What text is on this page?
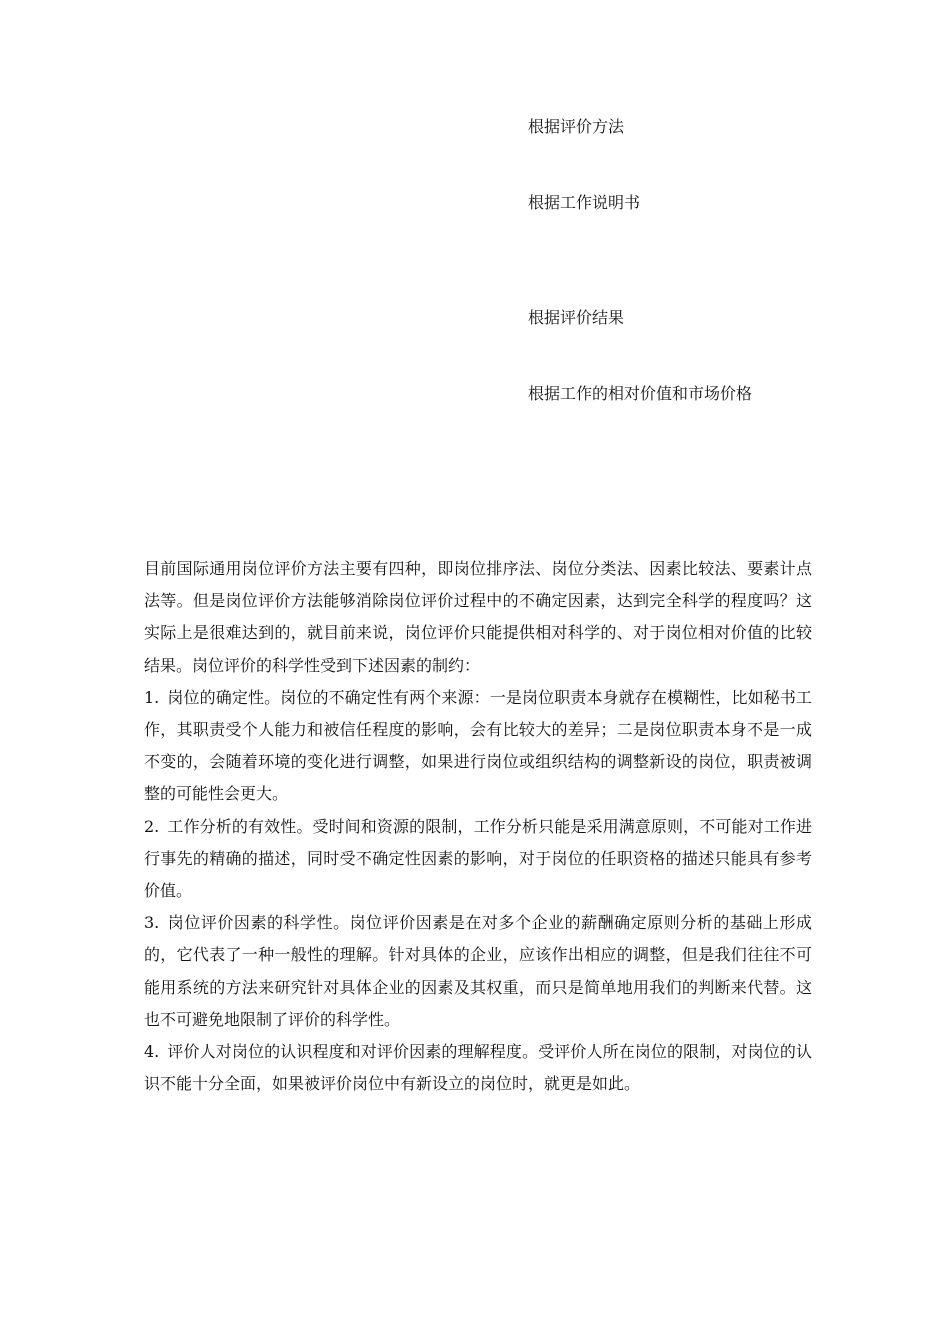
根据评价方法
根据工作说明书
根据评价结果
根据工作的相对价值和市场价格

目前国际通用岗位评价方法主要有四种，即岗位排序法、岗位分类法、因素比较法、要素计点法等。但是岗位评价方法能够消除岗位评价过程中的不确定因素，达到完全科学的程度吗？这实际上是很难达到的，就目前来说，岗位评价只能提供相对科学的、对于岗位相对价值的比较结果。岗位评价的科学性受到下述因素的制约：

1. 岗位的确定性。岗位的不确定性有两个来源：一是岗位职责本身就存在模糊性，比如秘书工作，其职责受个人能力和被信任程度的影响，会有比较大的差异；二是岗位职责本身不是一成不变的，会随着环境的变化进行调整，如果进行岗位或组织结构的调整新设的岗位，职责被调整的可能性会更大。

2. 工作分析的有效性。受时间和资源的限制，工作分析只能是采用满意原则，不可能对工作进行事先的精确的描述，同时受不确定性因素的影响，对于岗位的任职资格的描述只能具有参考价值。

3. 岗位评价因素的科学性。岗位评价因素是在对多个企业的薪酬确定原则分析的基础上形成的，它代表了一种一般性的理解。针对具体的企业，应该作出相应的调整，但是我们往往不可能用系统的方法来研究针对具体企业的因素及其权重，而只是简单地用我们的判断来代替。这也不可避免地限制了评价的科学性。

4. 评价人对岗位的认识程度和对评价因素的理解程度。受评价人所在岗位的限制，对岗位的认识不能十分全面，如果被评价岗位中有新设立的岗位时，就更是如此。
